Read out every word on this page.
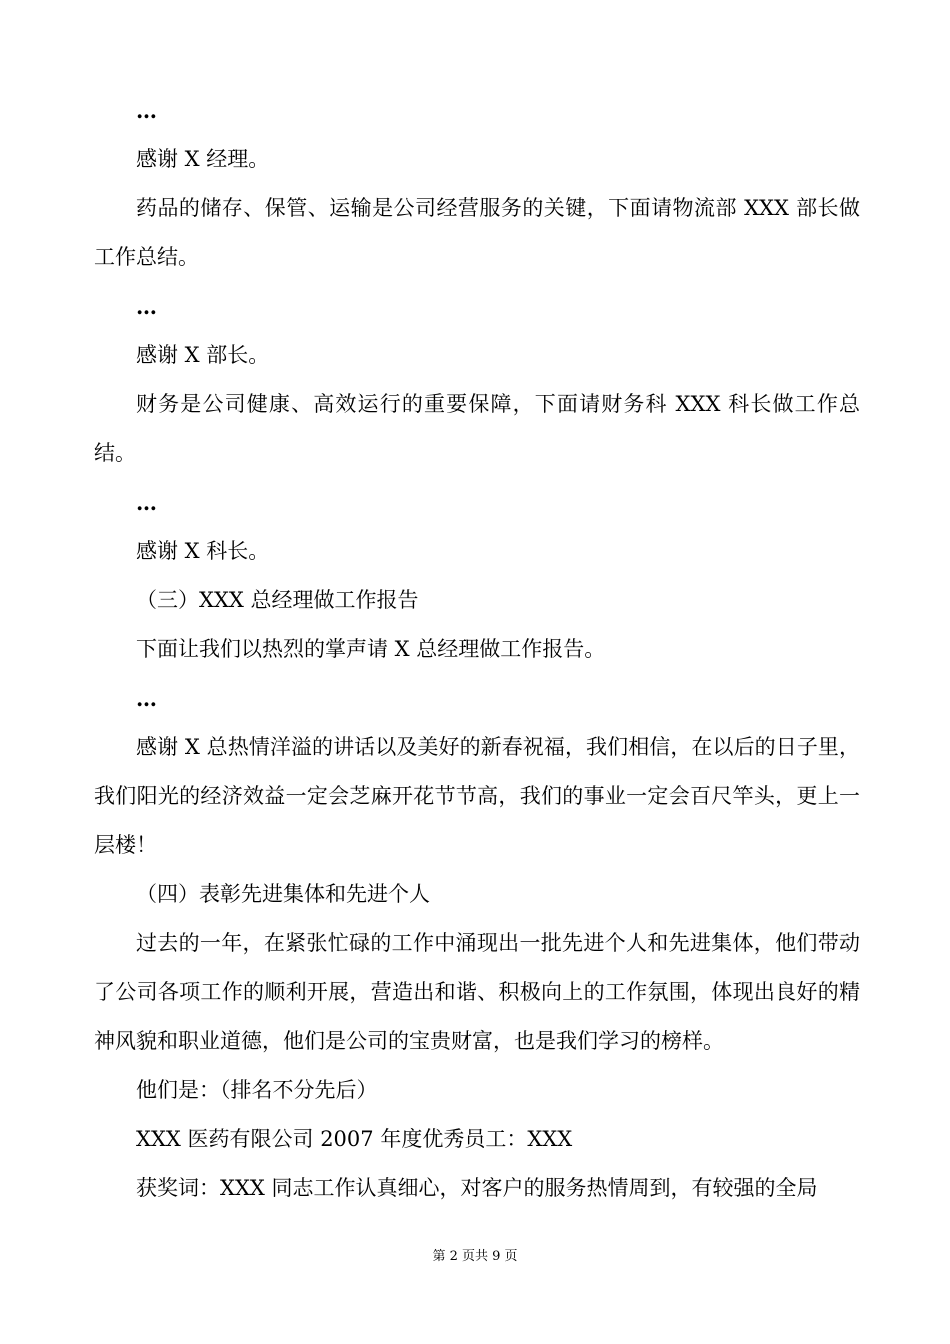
…

感谢 X 经理。

药品的储存、保管、运输是公司经营服务的关键，下面请物流部 XXX 部长做工作总结。

…

感谢 X 部长。

财务是公司健康、高效运行的重要保障，下面请财务科 XXX 科长做工作总结。

…

感谢 X 科长。

（三）XXX 总经理做工作报告

下面让我们以热烈的掌声请 X 总经理做工作报告。

…

感谢 X 总热情洋溢的讲话以及美好的新春祝福，我们相信，在以后的日子里，我们阳光的经济效益一定会芝麻开花节节高，我们的事业一定会百尺竿头，更上一层楼！

（四）表彰先进集体和先进个人

过去的一年，在紧张忙碌的工作中涌现出一批先进个人和先进集体，他们带动了公司各项工作的顺利开展，营造出和谐、积极向上的工作氛围，体现出良好的精神风貌和职业道德，他们是公司的宝贵财富，也是我们学习的榜样。

他们是：（排名不分先后）

XXX 医药有限公司 2007 年度优秀员工：XXX

获奖词：XXX 同志工作认真细心，对客户的服务热情周到，有较强的全局

第 2 页共 9 页
